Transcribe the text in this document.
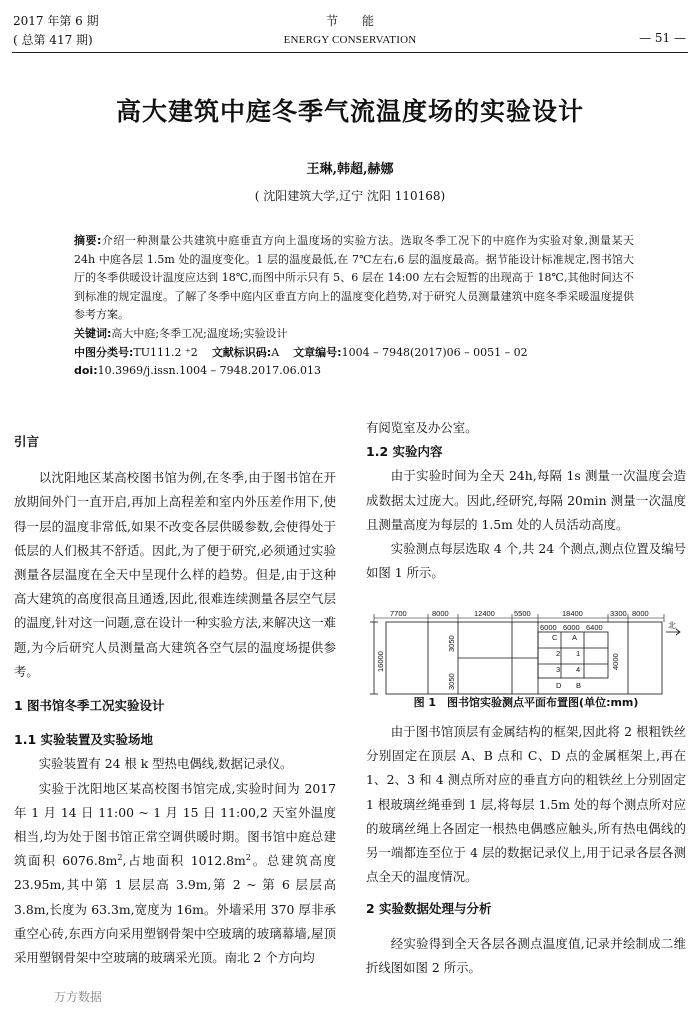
2017 年第 6 期
( 总第 417 期)
节　　能
ENERGY CONSERVATION	— 51 —
高大建筑中庭冬季气流温度场的实验设计
王琳,韩超,赫娜
( 沈阳建筑大学,辽宁 沈阳 110168)
摘要:介绍一种测量公共建筑中庭垂直方向上温度场的实验方法。选取冬季工况下的中庭作为实验对象,测量某天 24h 中庭各层 1.5m 处的温度变化。1 层的温度最低,在 7℃左右,6 层的温度最高。据节能设计标准规定,图书馆大厅的冬季供暖设计温度应达到 18℃,而图中所示只有 5、6 层在 14:00 左右会短暂的出现高于 18℃,其他时间达不到标准的规定温度。了解了冬季中庭内区垂直方向上的温度变化趋势,对于研究人员测量建筑中庭冬季采暖温度提供参考方案。
关键词:高大中庭;冬季工况;温度场;实验设计
中图分类号:TU111.2 ⁺2 文献标识码:A 文章编号:1004 – 7948(2017)06 – 0051 – 02
doi:10.3969/j.issn.1004 – 7948.2017.06.013

引言

以沈阳地区某高校图书馆为例,在冬季,由于图书馆在开放期间外门一直开启,再加上高程差和室内外压差作用下,使得一层的温度非常低,如果不改变各层供暖参数,会使得处于低层的人们极其不舒适。因此,为了便于研究,必须通过实验测量各层温度在全天中呈现什么样的趋势。但是,由于这种高大建筑的高度很高且通透,因此,很难连续测量各层空气层的温度,针对这一问题,意在设计一种实验方法,来解决这一难题,为今后研究人员测量高大建筑各空气层的温度场提供参考。

1 图书馆冬季工况实验设计

1.1 实验装置及实验场地

实验装置有 24 根 k 型热电偶线,数据记录仪。

实验于沈阳地区某高校图书馆完成,实验时间为 2017 年 1 月 14 日 11:00 ~ 1 月 15 日 11:00,2 天室外温度相当,均为处于图书馆正常空调供暖时期。图书馆中庭总建筑面积 $6076.8m^2$,占地面积 $1012.8m^2$。总建筑高度 23.95m,其中第 1 层层高 3.9m,第 2 ~ 第 6 层层高 3.8m,长度为 63.3m,宽度为 16m。外墙采用 370 厚非承重空心砖,东西方向采用塑钢骨架中空玻璃的玻璃幕墙,屋顶采用塑钢骨架中空玻璃的玻璃采光顶。南北 2 个方向均

有阅览室及办公室。

1.2 实验内容

由于实验时间为全天 24h,每隔 1s 测量一次温度会造成数据太过庞大。因此,经研究,每隔 20min 测量一次温度且测量高度为每层的 1.5m 处的人员活动高度。

实验测点每层选取 4 个,共 24 个测点,测点位置及编号如图 1 所示。

7700	8000	12400	5500	18400	3300 8000
16000
3050
3050
6000 6000 6400
4000
C A
2 1
3 4
D B
北
图 1　图书馆实验测点平面布置图(单位:mm)

由于图书馆顶层有金属结构的框架,因此将 2 根粗铁丝分别固定在顶层 A、B 点和 C、D 点的金属框架上,再在 1、2、3 和 4 测点所对应的垂直方向的粗铁丝上分别固定 1 根玻璃丝绳垂到 1 层,将每层 1.5m 处的每个测点所对应的玻璃丝绳上各固定一根热电偶感应触头,所有热电偶线的另一端都连至位于 4 层的数据记录仪上,用于记录各层各测点全天的温度情况。

2 实验数据处理与分析

经实验得到全天各层各测点温度值,记录并绘制成二维折线图如图 2 所示。

万方数据
